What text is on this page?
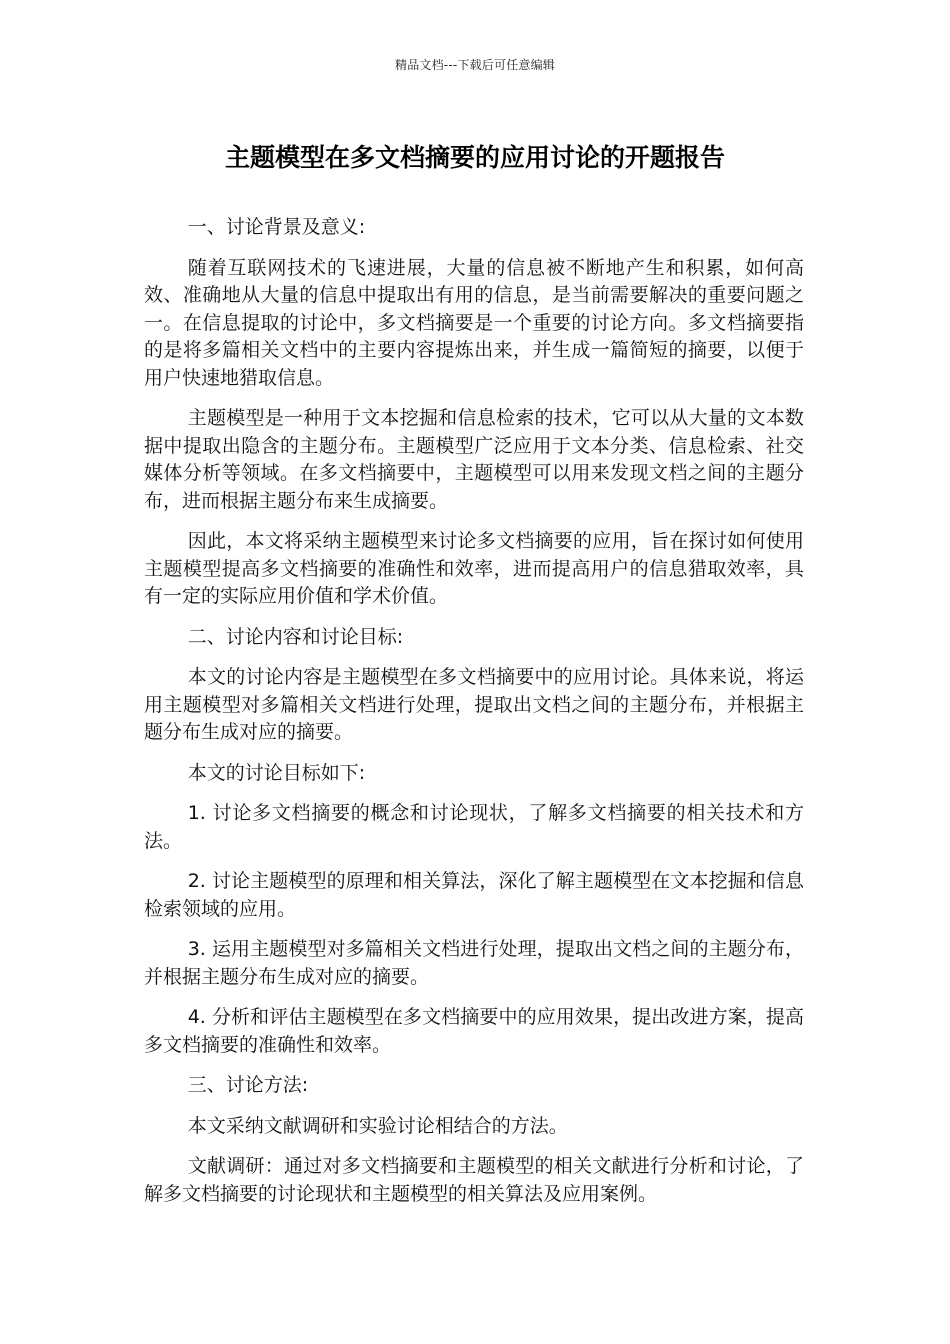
精品文档---下载后可任意编辑
主题模型在多文档摘要的应用讨论的开题报告

一、讨论背景及意义:

随着互联网技术的飞速进展，大量的信息被不断地产生和积累，如何高效、准确地从大量的信息中提取出有用的信息，是当前需要解决的重要问题之一。在信息提取的讨论中，多文档摘要是一个重要的讨论方向。多文档摘要指的是将多篇相关文档中的主要内容提炼出来，并生成一篇简短的摘要，以便于用户快速地猎取信息。

主题模型是一种用于文本挖掘和信息检索的技术，它可以从大量的文本数据中提取出隐含的主题分布。主题模型广泛应用于文本分类、信息检索、社交媒体分析等领域。在多文档摘要中，主题模型可以用来发现文档之间的主题分布，进而根据主题分布来生成摘要。

因此，本文将采纳主题模型来讨论多文档摘要的应用，旨在探讨如何使用主题模型提高多文档摘要的准确性和效率，进而提高用户的信息猎取效率，具有一定的实际应用价值和学术价值。

二、讨论内容和讨论目标:

本文的讨论内容是主题模型在多文档摘要中的应用讨论。具体来说，将运用主题模型对多篇相关文档进行处理，提取出文档之间的主题分布，并根据主题分布生成对应的摘要。

本文的讨论目标如下:

1. 讨论多文档摘要的概念和讨论现状，了解多文档摘要的相关技术和方法。

2. 讨论主题模型的原理和相关算法，深化了解主题模型在文本挖掘和信息检索领域的应用。

3. 运用主题模型对多篇相关文档进行处理，提取出文档之间的主题分布，并根据主题分布生成对应的摘要。

4. 分析和评估主题模型在多文档摘要中的应用效果，提出改进方案，提高多文档摘要的准确性和效率。

三、讨论方法:

本文采纳文献调研和实验讨论相结合的方法。

文献调研：通过对多文档摘要和主题模型的相关文献进行分析和讨论，了解多文档摘要的讨论现状和主题模型的相关算法及应用案例。
